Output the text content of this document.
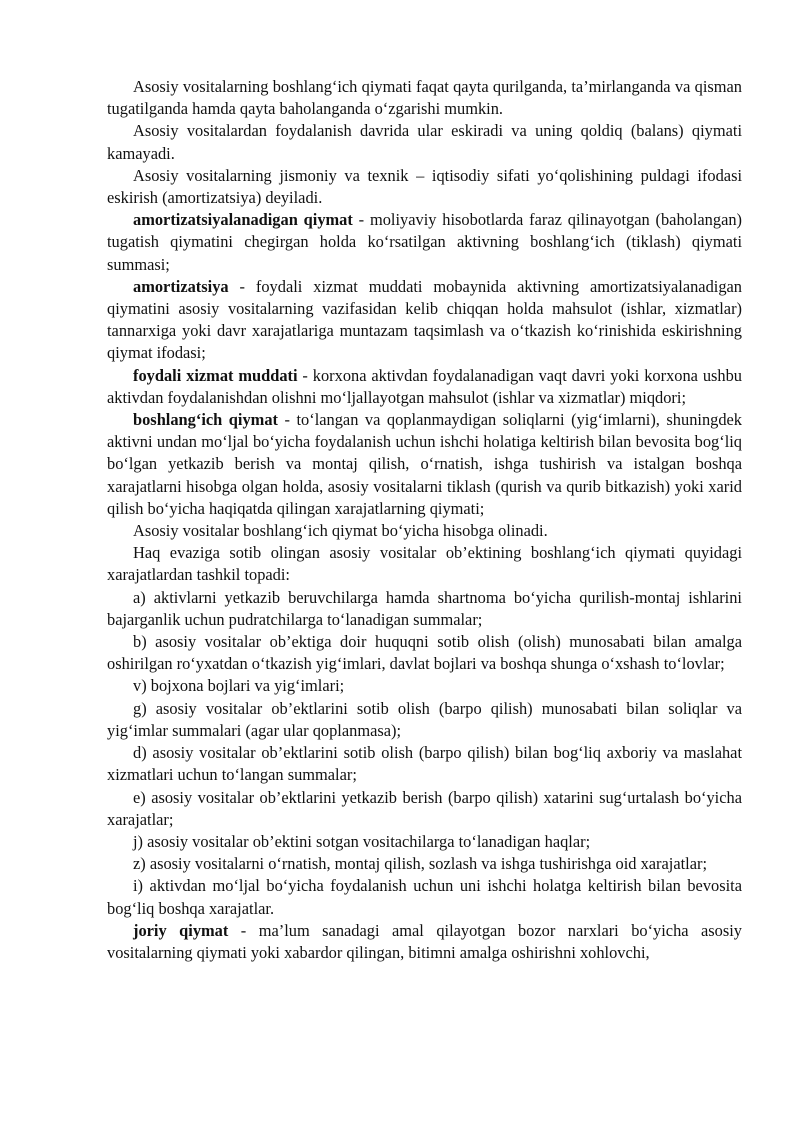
Asosiy vositalarning boshlang‘ich qiymati faqat qayta qurilganda, ta’mirlanganda va qisman tugatilganda hamda qayta baholanganda o‘zgarishi mumkin.

Asosiy vositalardan foydalanish davrida ular eskiradi va uning qoldiq (balans) qiymati kamayadi.

Asosiy vositalarning jismoniy va texnik – iqtisodiy sifati yo‘qolishining puldagi ifodasi eskirish (amortizatsiya) deyiladi.

amortizatsiyalanadigan qiymat - moliyaviy hisobotlarda faraz qilinayotgan (baholangan) tugatish qiymatini chegirgan holda ko‘rsatilgan aktivning boshlang‘ich (tiklash) qiymati summasi;

amortizatsiya - foydali xizmat muddati mobaynida aktivning amortizatsiyalanadigan qiymatini asosiy vositalarning vazifasidan kelib chiqqan holda mahsulot (ishlar, xizmatlar) tannarxiga yoki davr xarajatlariga muntazam taqsimlash va o‘tkazish ko‘rinishida eskirishning qiymat ifodasi;

foydali xizmat muddati - korxona aktivdan foydalanadigan vaqt davri yoki korxona ushbu aktivdan foydalanishdan olishni mo‘ljallayotgan mahsulot (ishlar va xizmatlar) miqdori;

boshlang‘ich qiymat - to‘langan va qoplanmaydigan soliqlarni (yig‘imlarni), shuningdek aktivni undan mo‘ljal bo‘yicha foydalanish uchun ishchi holatiga keltirish bilan bevosita bog‘liq bo‘lgan yetkazib berish va montaj qilish, o‘rnatish, ishga tushirish va istalgan boshqa xarajatlarni hisobga olgan holda, asosiy vositalarni tiklash (qurish va qurib bitkazish) yoki xarid qilish bo‘yicha haqiqatda qilingan xarajatlarning qiymati;

Asosiy vositalar boshlang‘ich qiymat bo‘yicha hisobga olinadi.

Haq evaziga sotib olingan asosiy vositalar ob’ektining boshlang‘ich qiymati quyidagi xarajatlardan tashkil topadi:

a) aktivlarni yetkazib beruvchilarga hamda shartnoma bo‘yicha qurilish-montaj ishlarini bajarganlik uchun pudratchilarga to‘lanadigan summalar;

b) asosiy vositalar ob’ektiga doir huquqni sotib olish (olish) munosabati bilan amalga oshirilgan ro‘yxatdan o‘tkazish yig‘imlari, davlat bojlari va boshqa shunga o‘xshash to‘lovlar;

v) bojxona bojlari va yig‘imlari;

g) asosiy vositalar ob’ektlarini sotib olish (barpo qilish) munosabati bilan soliqlar va yig‘imlar summalari (agar ular qoplanmasa);

d) asosiy vositalar ob’ektlarini sotib olish (barpo qilish) bilan bog‘liq axboriy va maslahat xizmatlari uchun to‘langan summalar;

e) asosiy vositalar ob’ektlarini yetkazib berish (barpo qilish) xatarini sug‘urtalash bo‘yicha xarajatlar;

j) asosiy vositalar ob’ektini sotgan vositachilarga to‘lanadigan haqlar;

z) asosiy vositalarni o‘rnatish, montaj qilish, sozlash va ishga tushirishga oid xarajatlar;

i) aktivdan mo‘ljal bo‘yicha foydalanish uchun uni ishchi holatga keltirish bilan bevosita bog‘liq boshqa xarajatlar.

joriy qiymat - ma’lum sanadagi amal qilayotgan bozor narxlari bo‘yicha asosiy vositalarning qiymati yoki xabardor qilingan, bitimni amalga oshirishni xohlovchi,
